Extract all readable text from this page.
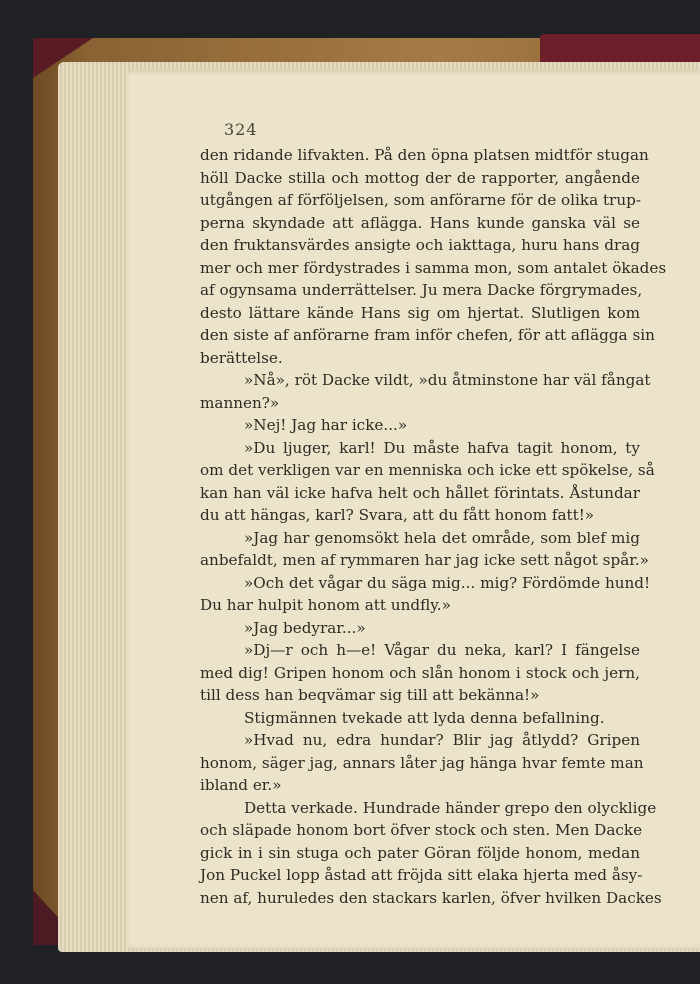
324

den ridande lifvakten. På den öpna platsen midtför stugan
höll Dacke stilla och mottog der de rapporter, angående
utgången af förföljelsen, som anförarne för de olika trup-
perna skyndade att aflägga. Hans kunde ganska väl se
den fruktansvärdes ansigte och iakttaga, huru hans drag
mer och mer fördystrades i samma mon, som antalet ökades
af ogynsama underrättelser. Ju mera Dacke förgrymades,
desto lättare kände Hans sig om hjertat. Slutligen kom
den siste af anförarne fram inför chefen, för att aflägga sin
berättelse.

»Nå», röt Dacke vildt, »du åtminstone har väl fångat
mannen?»

»Nej! Jag har icke...»

»Du ljuger, karl! Du måste hafva tagit honom, ty
om det verkligen var en menniska och icke ett spökelse, så
kan han väl icke hafva helt och hållet förintats. Åstundar
du att hängas, karl? Svara, att du fått honom fatt!»

»Jag har genomsökt hela det område, som blef mig
anbefaldt, men af rymmaren har jag icke sett något spår.»

»Och det vågar du säga mig... mig? Fördömde hund!
Du har hulpit honom att undfly.»

»Jag bedyrar...»

»Dj—r och h—e! Vågar du neka, karl? I fängelse
med dig! Gripen honom och slån honom i stock och jern,
till dess han beqvämar sig till att bekänna!»

Stigmännen tvekade att lyda denna befallning.

»Hvad nu, edra hundar? Blir jag åtlydd? Gripen
honom, säger jag, annars låter jag hänga hvar femte man
ibland er.»

Detta verkade. Hundrade händer grepo den olycklige
och släpade honom bort öfver stock och sten. Men Dacke
gick in i sin stuga och pater Göran följde honom, medan
Jon Puckel lopp åstad att fröjda sitt elaka hjerta med åsy-
nen af, huruledes den stackars karlen, öfver hvilken Dackes
